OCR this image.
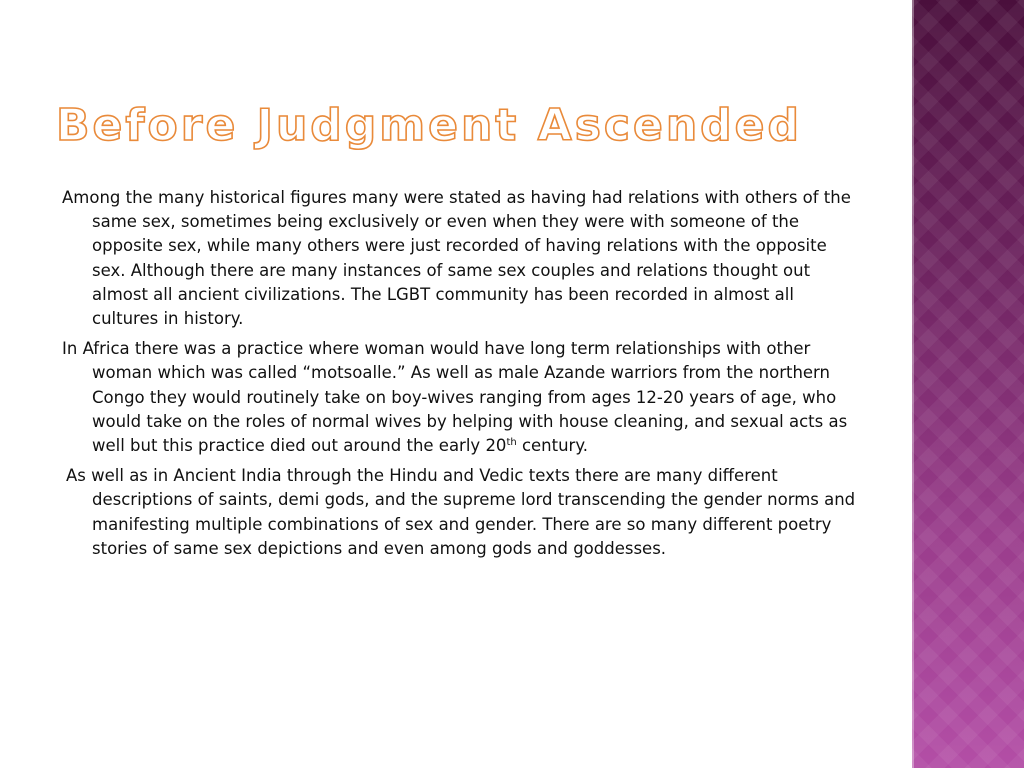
Before Judgment Ascended

Among the many historical figures many were stated as having had relations with others of the same sex, sometimes being exclusively or even when they were with someone of the opposite sex, while many others were just recorded of having relations with the opposite sex. Although there are many instances of same sex couples and relations thought out almost all ancient civilizations. The LGBT community has been recorded in almost all cultures in history.

In Africa there was a practice where woman would have long term relationships with other woman which was called “motsoalle.” As well as male Azande warriors from the northern Congo they would routinely take on boy-wives ranging from ages 12-20 years of age, who would take on the roles of normal wives by helping with house cleaning, and sexual acts as well but this practice died out around the early 20th century.

As well as in Ancient India through the Hindu and Vedic texts there are many different descriptions of saints, demi gods, and the supreme lord transcending the gender norms and manifesting multiple combinations of sex and gender. There are so many different poetry stories of same sex depictions and even among gods and goddesses.
